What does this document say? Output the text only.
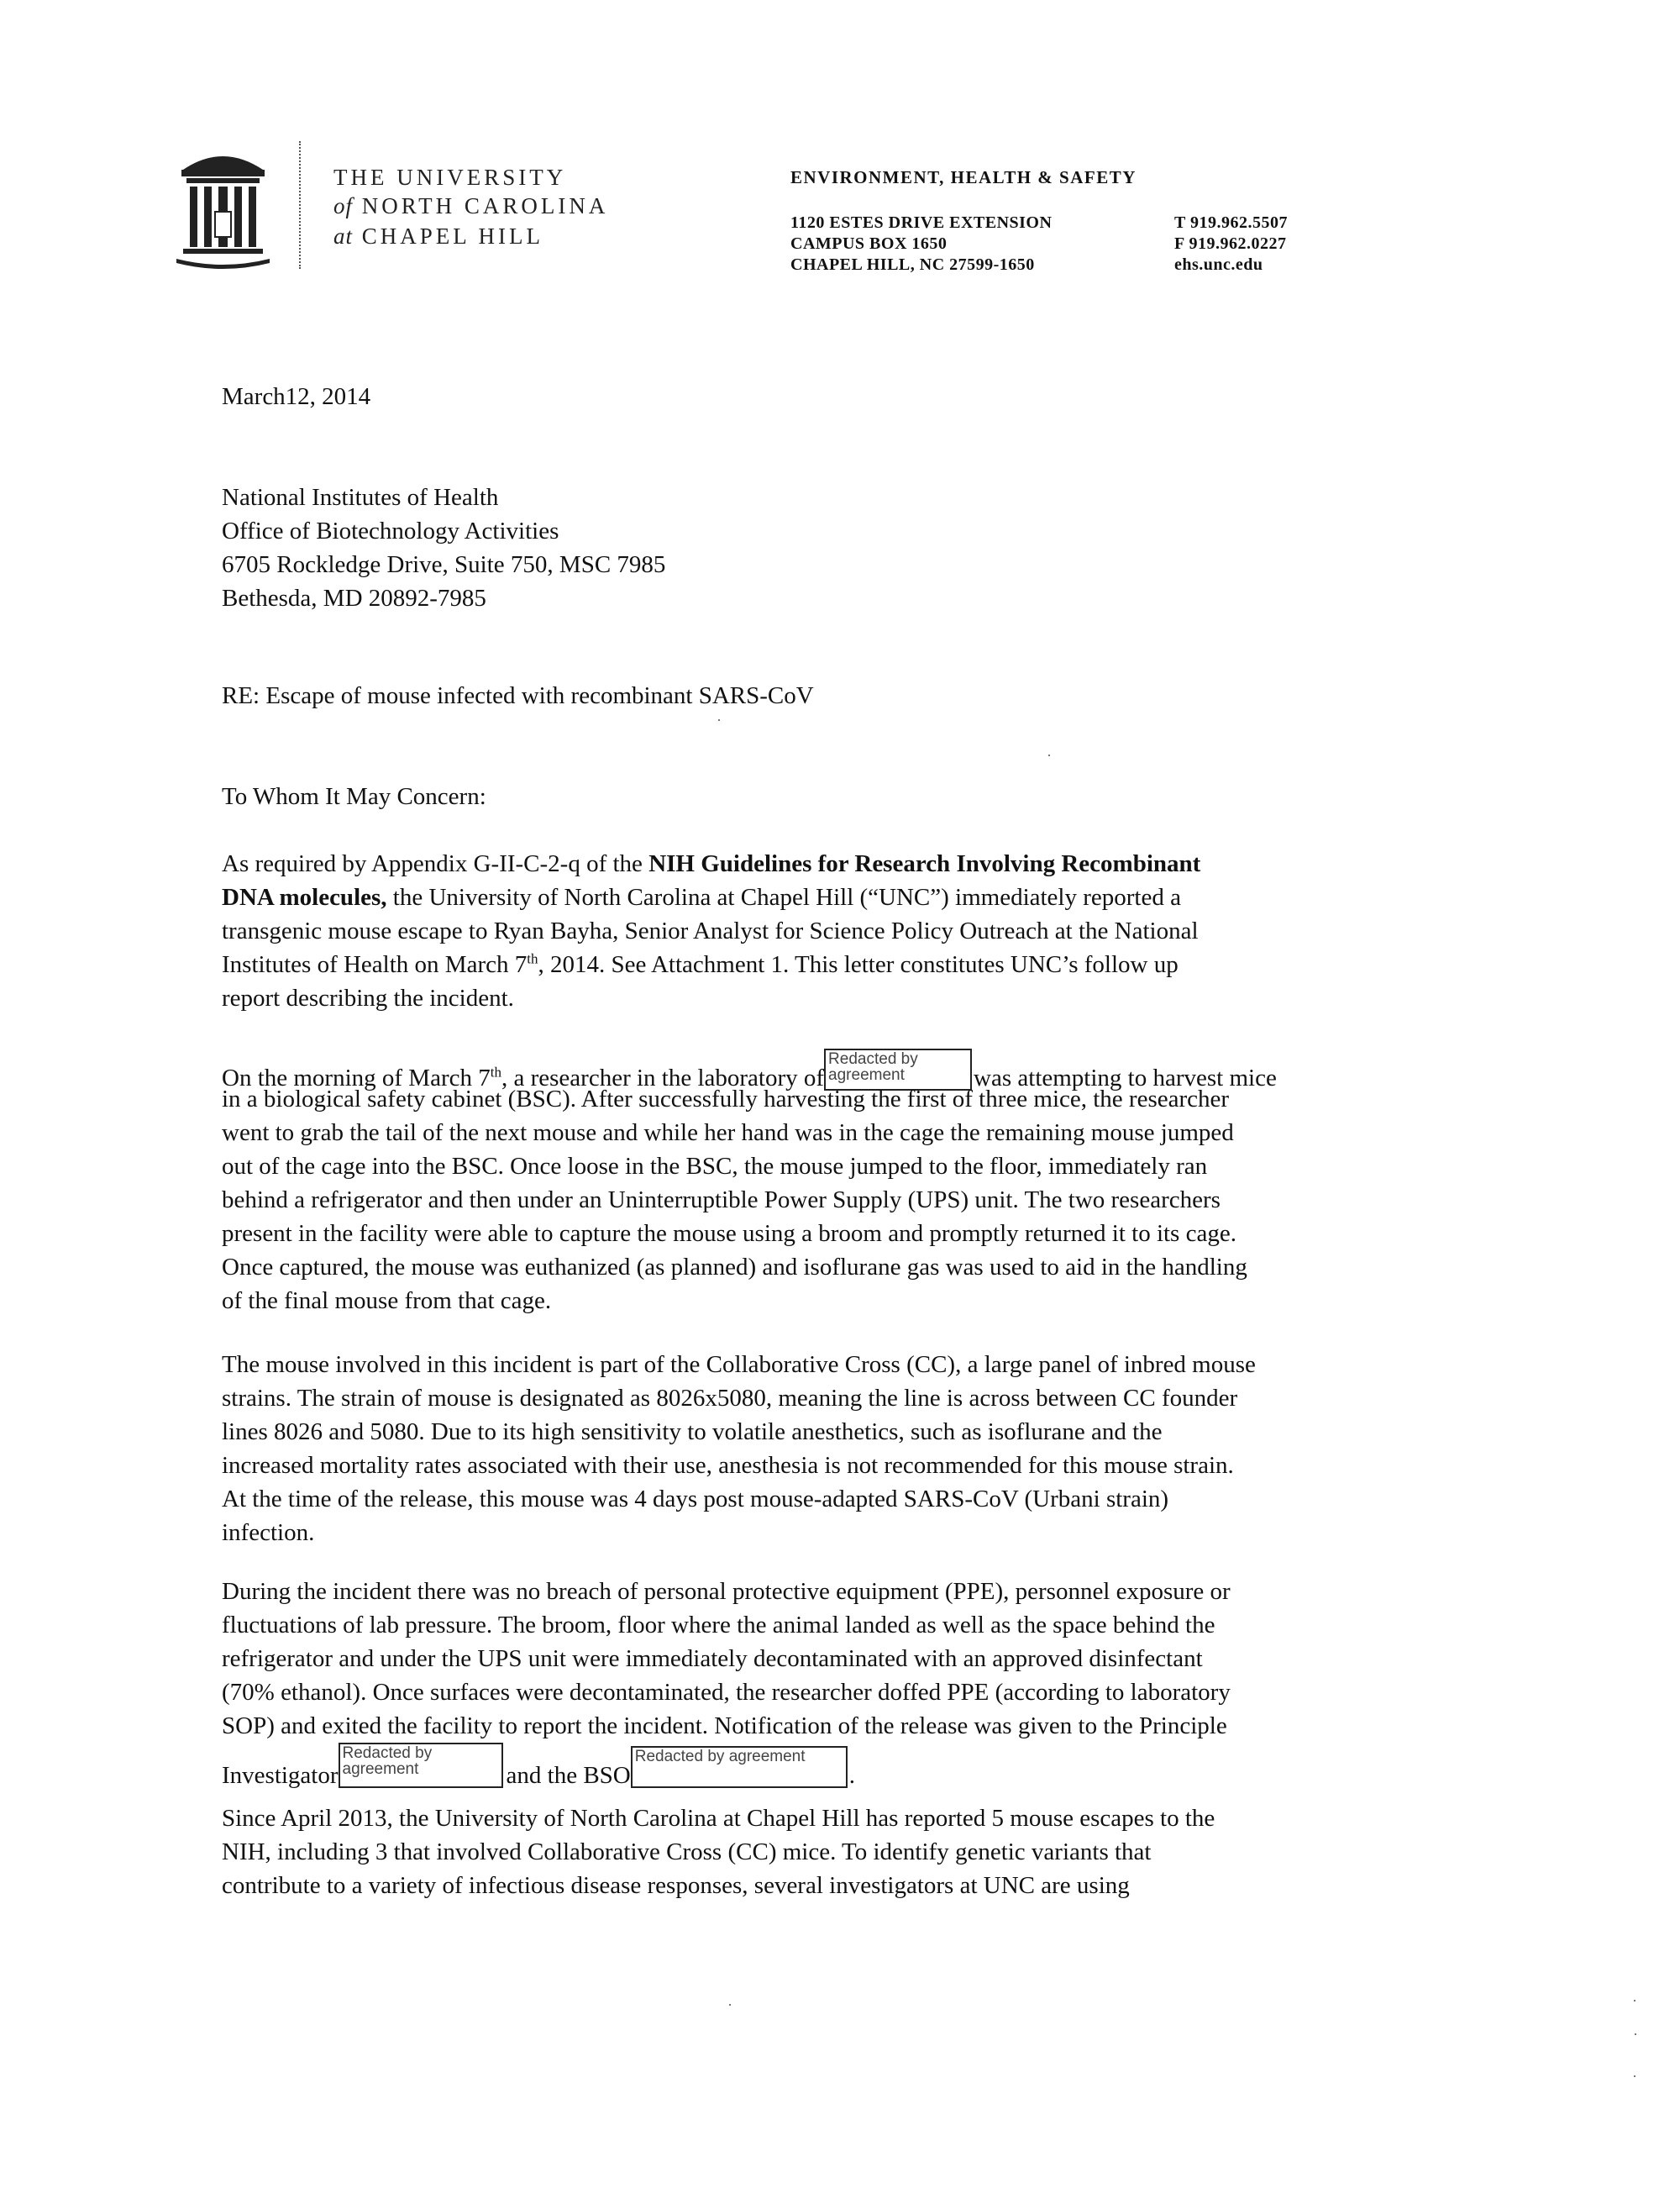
THE UNIVERSITY
of NORTH CAROLINA
at CHAPEL HILL
ENVIRONMENT, HEALTH & SAFETY
1120 ESTES DRIVE EXTENSION
CAMPUS BOX 1650
CHAPEL HILL, NC 27599-1650
T 919.962.5507
F 919.962.0227
ehs.unc.edu
March12, 2014
National Institutes of Health
Office of Biotechnology Activities
6705 Rockledge Drive, Suite 750, MSC 7985
Bethesda, MD 20892-7985
RE: Escape of mouse infected with recombinant SARS-CoV
To Whom It May Concern:
As required by Appendix G-II-C-2-q of the NIH Guidelines for Research Involving Recombinant
DNA molecules, the University of North Carolina at Chapel Hill (“UNC”) immediately reported a
transgenic mouse escape to Ryan Bayha, Senior Analyst for Science Policy Outreach at the National
Institutes of Health on March 7th, 2014. See Attachment 1. This letter constitutes UNC’s follow up
report describing the incident.
On the morning of March 7th, a researcher in the laboratory ofRedacted by agreement	was attempting to harvest mice
in a biological safety cabinet (BSC). After successfully harvesting the first of three mice, the researcher
went to grab the tail of the next mouse and while her hand was in the cage the remaining mouse jumped
out of the cage into the BSC. Once loose in the BSC, the mouse jumped to the floor, immediately ran
behind a refrigerator and then under an Uninterruptible Power Supply (UPS) unit. The two researchers
present in the facility were able to capture the mouse using a broom and promptly returned it to its cage.
Once captured, the mouse was euthanized (as planned) and isoflurane gas was used to aid in the handling
of the final mouse from that cage.
The mouse involved in this incident is part of the Collaborative Cross (CC), a large panel of inbred mouse
strains. The strain of mouse is designated as 8026x5080, meaning the line is across between CC founder
lines 8026 and 5080. Due to its high sensitivity to volatile anesthetics, such as isoflurane and the
increased mortality rates associated with their use, anesthesia is not recommended for this mouse strain.
At the time of the release, this mouse was 4 days post mouse-adapted SARS-CoV (Urbani strain)
infection.
During the incident there was no breach of personal protective equipment (PPE), personnel exposure or
fluctuations of lab pressure. The broom, floor where the animal landed as well as the space behind the
refrigerator and under the UPS unit were immediately decontaminated with an approved disinfectant
(70% ethanol). Once surfaces were decontaminated, the researcher doffed PPE (according to laboratory
SOP) and exited the facility to report the incident. Notification of the release was given to the Principle
InvestigatorRedacted by agreement	and the BSORedacted by agreement.
Since April 2013, the University of North Carolina at Chapel Hill has reported 5 mouse escapes to the
NIH, including 3 that involved Collaborative Cross (CC) mice. To identify genetic variants that
contribute to a variety of infectious disease responses, several investigators at UNC are using
